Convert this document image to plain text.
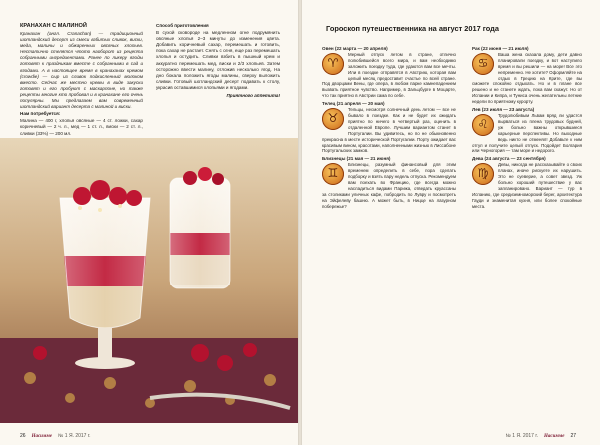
КРАНАХАН С МАЛИНОЙ

Кранахан (англ. Cranachan) — традиционный шотландский десерт из смеси взбитых сливок, виски, меда, малины и обжаренных овсяных хлопьев. Нестатично стелятся чтото наоборот из рецепта собранными ингредиентами. Ранее по ликеру ягоды готовят к праздникам вместе с собранными в сад и ягодами. А в настоящее время в кранаханах кремом (crowdie) — сыр из сливок подкисленный молоком вместо. Сейчас же местно кремы в виде закуски готовят и его пробуют с маскарпоне, но также рецепты многие кто пробовал и в кранахане его очень популярны. Мы предлагаем вам современный шотландский вариант десерта с малиной и виски.

Нам потребуется:

Малина — 400 г, хлопья овсяные — 4 ст. ложки, сахар коричневый — 2 ч. л., мед — 1 ст. л., виски — 2 ст. л., сливки (33%) — 200 мл.

Способ приготовления

В сухой сковороде на медленном огне подрумянить овсяные хлопья 2–3 минуты до изменения цвета. Добавить коричневый сахар, перемешать и готовить, пока сахар не растает. Снять с огня, еще раз перемешать хлопья и остудить. Сливки взбить в пышный крем и аккуратно перемешать мед, виски и 2/3 хлопьев. Затем осторожно ввести малину, отложив несколько ягод. На дно бокала положить ягоды малины, сверху выложить сливки. Готовый шотландский десерт подавать к столу, украсив оставшимися хлопьями и ягодами.

Приятного аппетита!
26 Насимме № 1 Я. 2017 г.
Гороскоп путешественника на август 2017 года
Овен (22 марта — 20 апреля)
♈

Мерный отпуск летом в стране, отлично полюбившейся всего мира, и вам необходимо заложить поездку туда, где удаются вам все мечты. Или в поездке отправятся в Австрию, которая вам целый месяц предоставит счастье по всей стране. Под дворцами Вены, где опера, в любом парке камнепадением вызвать приятное чувство. Например, в Зальцбурге в Моцарте, что так приятно в Австрии сама по себе.

Телец (21 апреля — 20 мая)
♉

Тельцы, несмотря солнечный день летом — все не бывало в поездке. Как и не будет их ожидать приятно по ничего в четвертый раз, оценить в отдаленной Европе. Лучшим вариантом станет в Португалии. Вы удивитесь, но по не обыкновенно прекрасна в месте исторической Португалии. Порту ожидает вас красивым вином, красотами, наполненными жизнью в Лиссабоне Португальских замков.

Близнецы (21 мая — 21 июня)
♊

Близнецы, разумный финансовый для этим временем определить в себе, пора сделать подборку и взять пару недель отпуска. Рекомендуем вам поехать во Францию, где всегда можно насладиться видами Парижа, отведать круассаны за столиками уличных кафе, побродить по Лувру и посмотреть на Эйфелеву башню. А может быть, в Ницце на лазурном побережье?

Рак (22 июня — 21 июля)
♋

Ваша жена сказала дому, дети давно планировали поездку, и вот наступило время и вы решили — на море! Все это непременно. Не хотите? Оформляйте на отдых в Грецию на Крите, где вы сможете спокойно отдыхать. Но и в плане все решено и не станете ждать, пока вам скажут. Но от Испании и Кипра, и Туниса очень желательны летние недели по приятному курорту.

Лев (23 июля — 23 августа)
♌

Трудолюбивым Львам вряд ли удастся вырваться из плена трудовых будней, уж больно важны открывшиеся карьерные перспективы. Но выходные ведь никто не отменял! Добавьте к ним отгул и получите целый отпуск. Подойдет Болгария или Черногория — там море и недорого.

Дева (24 августа — 23 сентября)
♍

Девы, никогда не рассказывайте о своих планах, иначе рискуете их нарушить. Это не суеверие, а совет звезд. Уж больно хороший путешествие у вас запланировано. Вариант — тур в Испанию, где средиземноморский берег, архитектура Гауди и знаменитая кухня, или более спокойные места.

№ 1 Я. 2017 г. Насимме 27
